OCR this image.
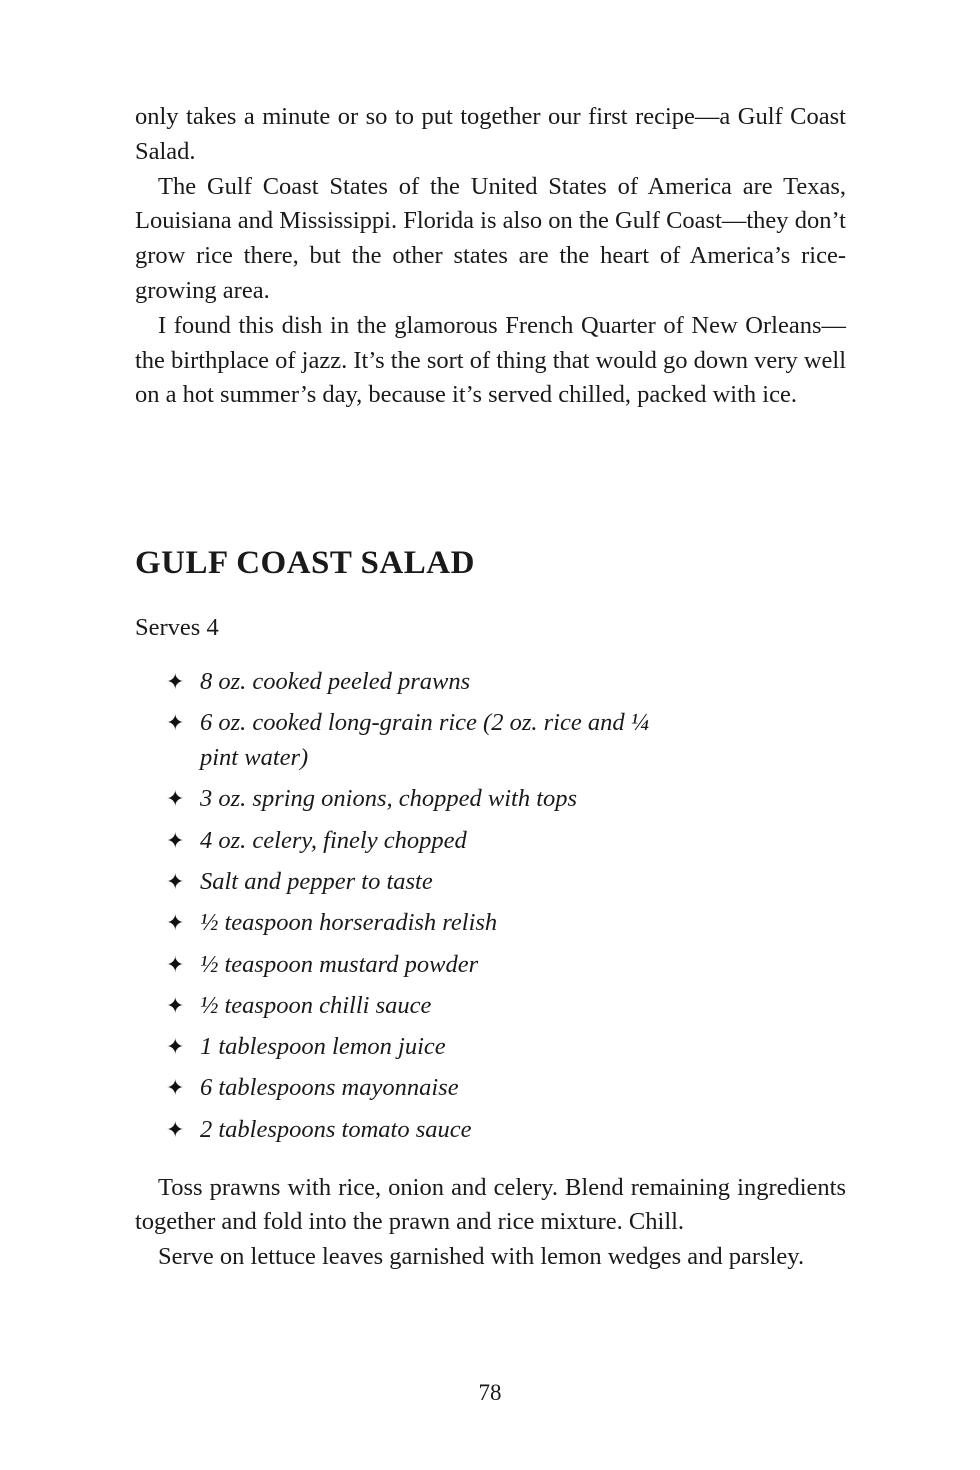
only takes a minute or so to put together our first recipe—a Gulf Coast Salad.

The Gulf Coast States of the United States of America are Texas, Louisiana and Mississippi. Florida is also on the Gulf Coast—they don’t grow rice there, but the other states are the heart of America’s rice-growing area.

I found this dish in the glamorous French Quarter of New Orleans—the birthplace of jazz. It’s the sort of thing that would go down very well on a hot summer’s day, because it’s served chilled, packed with ice.

GULF COAST SALAD

Serves 4

✦ 8 oz. cooked peeled prawns
✦ 6 oz. cooked long-grain rice (2 oz. rice and ¼ pint water)
✦ 3 oz. spring onions, chopped with tops
✦ 4 oz. celery, finely chopped
✦ Salt and pepper to taste
✦ ½ teaspoon horseradish relish
✦ ½ teaspoon mustard powder
✦ ½ teaspoon chilli sauce
✦ 1 tablespoon lemon juice
✦ 6 tablespoons mayonnaise
✦ 2 tablespoons tomato sauce

Toss prawns with rice, onion and celery. Blend remaining ingredients together and fold into the prawn and rice mixture. Chill.

Serve on lettuce leaves garnished with lemon wedges and parsley.

78
